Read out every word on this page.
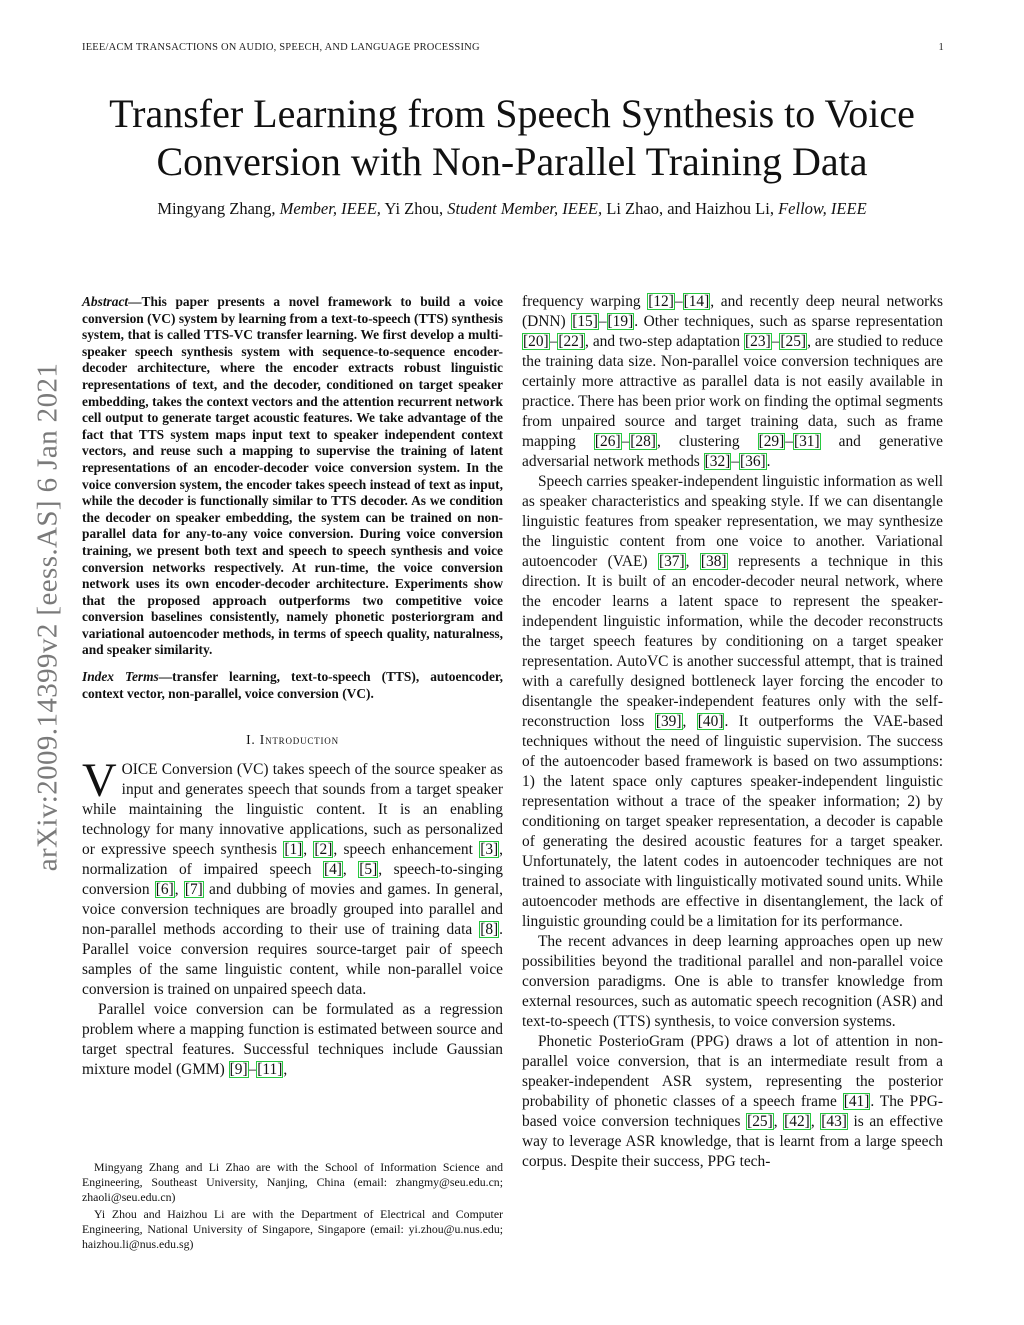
IEEE/ACM TRANSACTIONS ON AUDIO, SPEECH, AND LANGUAGE PROCESSING	1
arXiv:2009.14399v2 [eess.AS] 6 Jan 2021
Transfer Learning from Speech Synthesis to Voice Conversion with Non-Parallel Training Data
Mingyang Zhang, Member, IEEE, Yi Zhou, Student Member, IEEE, Li Zhao, and Haizhou Li, Fellow, IEEE
Abstract—This paper presents a novel framework to build a voice conversion (VC) system by learning from a text-to-speech (TTS) synthesis system, that is called TTS-VC transfer learning. We first develop a multi-speaker speech synthesis system with sequence-to-sequence encoder-decoder architecture, where the encoder extracts robust linguistic representations of text, and the decoder, conditioned on target speaker embedding, takes the context vectors and the attention recurrent network cell output to generate target acoustic features. We take advantage of the fact that TTS system maps input text to speaker independent context vectors, and reuse such a mapping to supervise the training of latent representations of an encoder-decoder voice conversion system. In the voice conversion system, the encoder takes speech instead of text as input, while the decoder is functionally similar to TTS decoder. As we condition the decoder on speaker embedding, the system can be trained on non-parallel data for any-to-any voice conversion. During voice conversion training, we present both text and speech to speech synthesis and voice conversion networks respectively. At run-time, the voice conversion network uses its own encoder-decoder architecture. Experiments show that the proposed approach outperforms two competitive voice conversion baselines consistently, namely phonetic posteriorgram and variational autoencoder methods, in terms of speech quality, naturalness, and speaker similarity.
Index Terms—transfer learning, text-to-speech (TTS), autoencoder, context vector, non-parallel, voice conversion (VC).
I. Introduction

VOICE Conversion (VC) takes speech of the source speaker as input and generates speech that sounds from a target speaker while maintaining the linguistic content. It is an enabling technology for many innovative applications, such as personalized or expressive speech synthesis [1], [2], speech enhancement [3], normalization of impaired speech [4], [5], speech-to-singing conversion [6], [7] and dubbing of movies and games. In general, voice conversion techniques are broadly grouped into parallel and non-parallel methods according to their use of training data [8]. Parallel voice conversion requires source-target pair of speech samples of the same linguistic content, while non-parallel voice conversion is trained on unpaired speech data.

Parallel voice conversion can be formulated as a regression problem where a mapping function is estimated between source and target spectral features. Successful techniques include Gaussian mixture model (GMM) [9]–[11],

Mingyang Zhang and Li Zhao are with the School of Information Science and Engineering, Southeast University, Nanjing, China (email: zhangmy@seu.edu.cn; zhaoli@seu.edu.cn)

Yi Zhou and Haizhou Li are with the Department of Electrical and Computer Engineering, National University of Singapore, Singapore (email: yi.zhou@u.nus.edu; haizhou.li@nus.edu.sg)

frequency warping [12]–[14], and recently deep neural networks (DNN) [15]–[19]. Other techniques, such as sparse representation [20]–[22], and two-step adaptation [23]–[25], are studied to reduce the training data size. Non-parallel voice conversion techniques are certainly more attractive as parallel data is not easily available in practice. There has been prior work on finding the optimal segments from unpaired source and target training data, such as frame mapping [26]–[28], clustering [29]–[31] and generative adversarial network methods [32]–[36].

Speech carries speaker-independent linguistic information as well as speaker characteristics and speaking style. If we can disentangle linguistic features from speaker representation, we may synthesize the linguistic content from one voice to another. Variational autoencoder (VAE) [37], [38] represents a technique in this direction. It is built of an encoder-decoder neural network, where the encoder learns a latent space to represent the speaker-independent linguistic information, while the decoder reconstructs the target speech features by conditioning on a target speaker representation. AutoVC is another successful attempt, that is trained with a carefully designed bottleneck layer forcing the encoder to disentangle the speaker-independent features only with the self-reconstruction loss [39], [40]. It outperforms the VAE-based techniques without the need of linguistic supervision. The success of the autoencoder based framework is based on two assumptions: 1) the latent space only captures speaker-independent linguistic representation without a trace of the speaker information; 2) by conditioning on target speaker representation, a decoder is capable of generating the desired acoustic features for a target speaker. Unfortunately, the latent codes in autoencoder techniques are not trained to associate with linguistically motivated sound units. While autoencoder methods are effective in disentanglement, the lack of linguistic grounding could be a limitation for its performance.

The recent advances in deep learning approaches open up new possibilities beyond the traditional parallel and non-parallel voice conversion paradigms. One is able to transfer knowledge from external resources, such as automatic speech recognition (ASR) and text-to-speech (TTS) synthesis, to voice conversion systems.

Phonetic PosterioGram (PPG) draws a lot of attention in non-parallel voice conversion, that is an intermediate result from a speaker-independent ASR system, representing the posterior probability of phonetic classes of a speech frame [41]. The PPG-based voice conversion techniques [25], [42], [43] is an effective way to leverage ASR knowledge, that is learnt from a large speech corpus. Despite their success, PPG tech-
